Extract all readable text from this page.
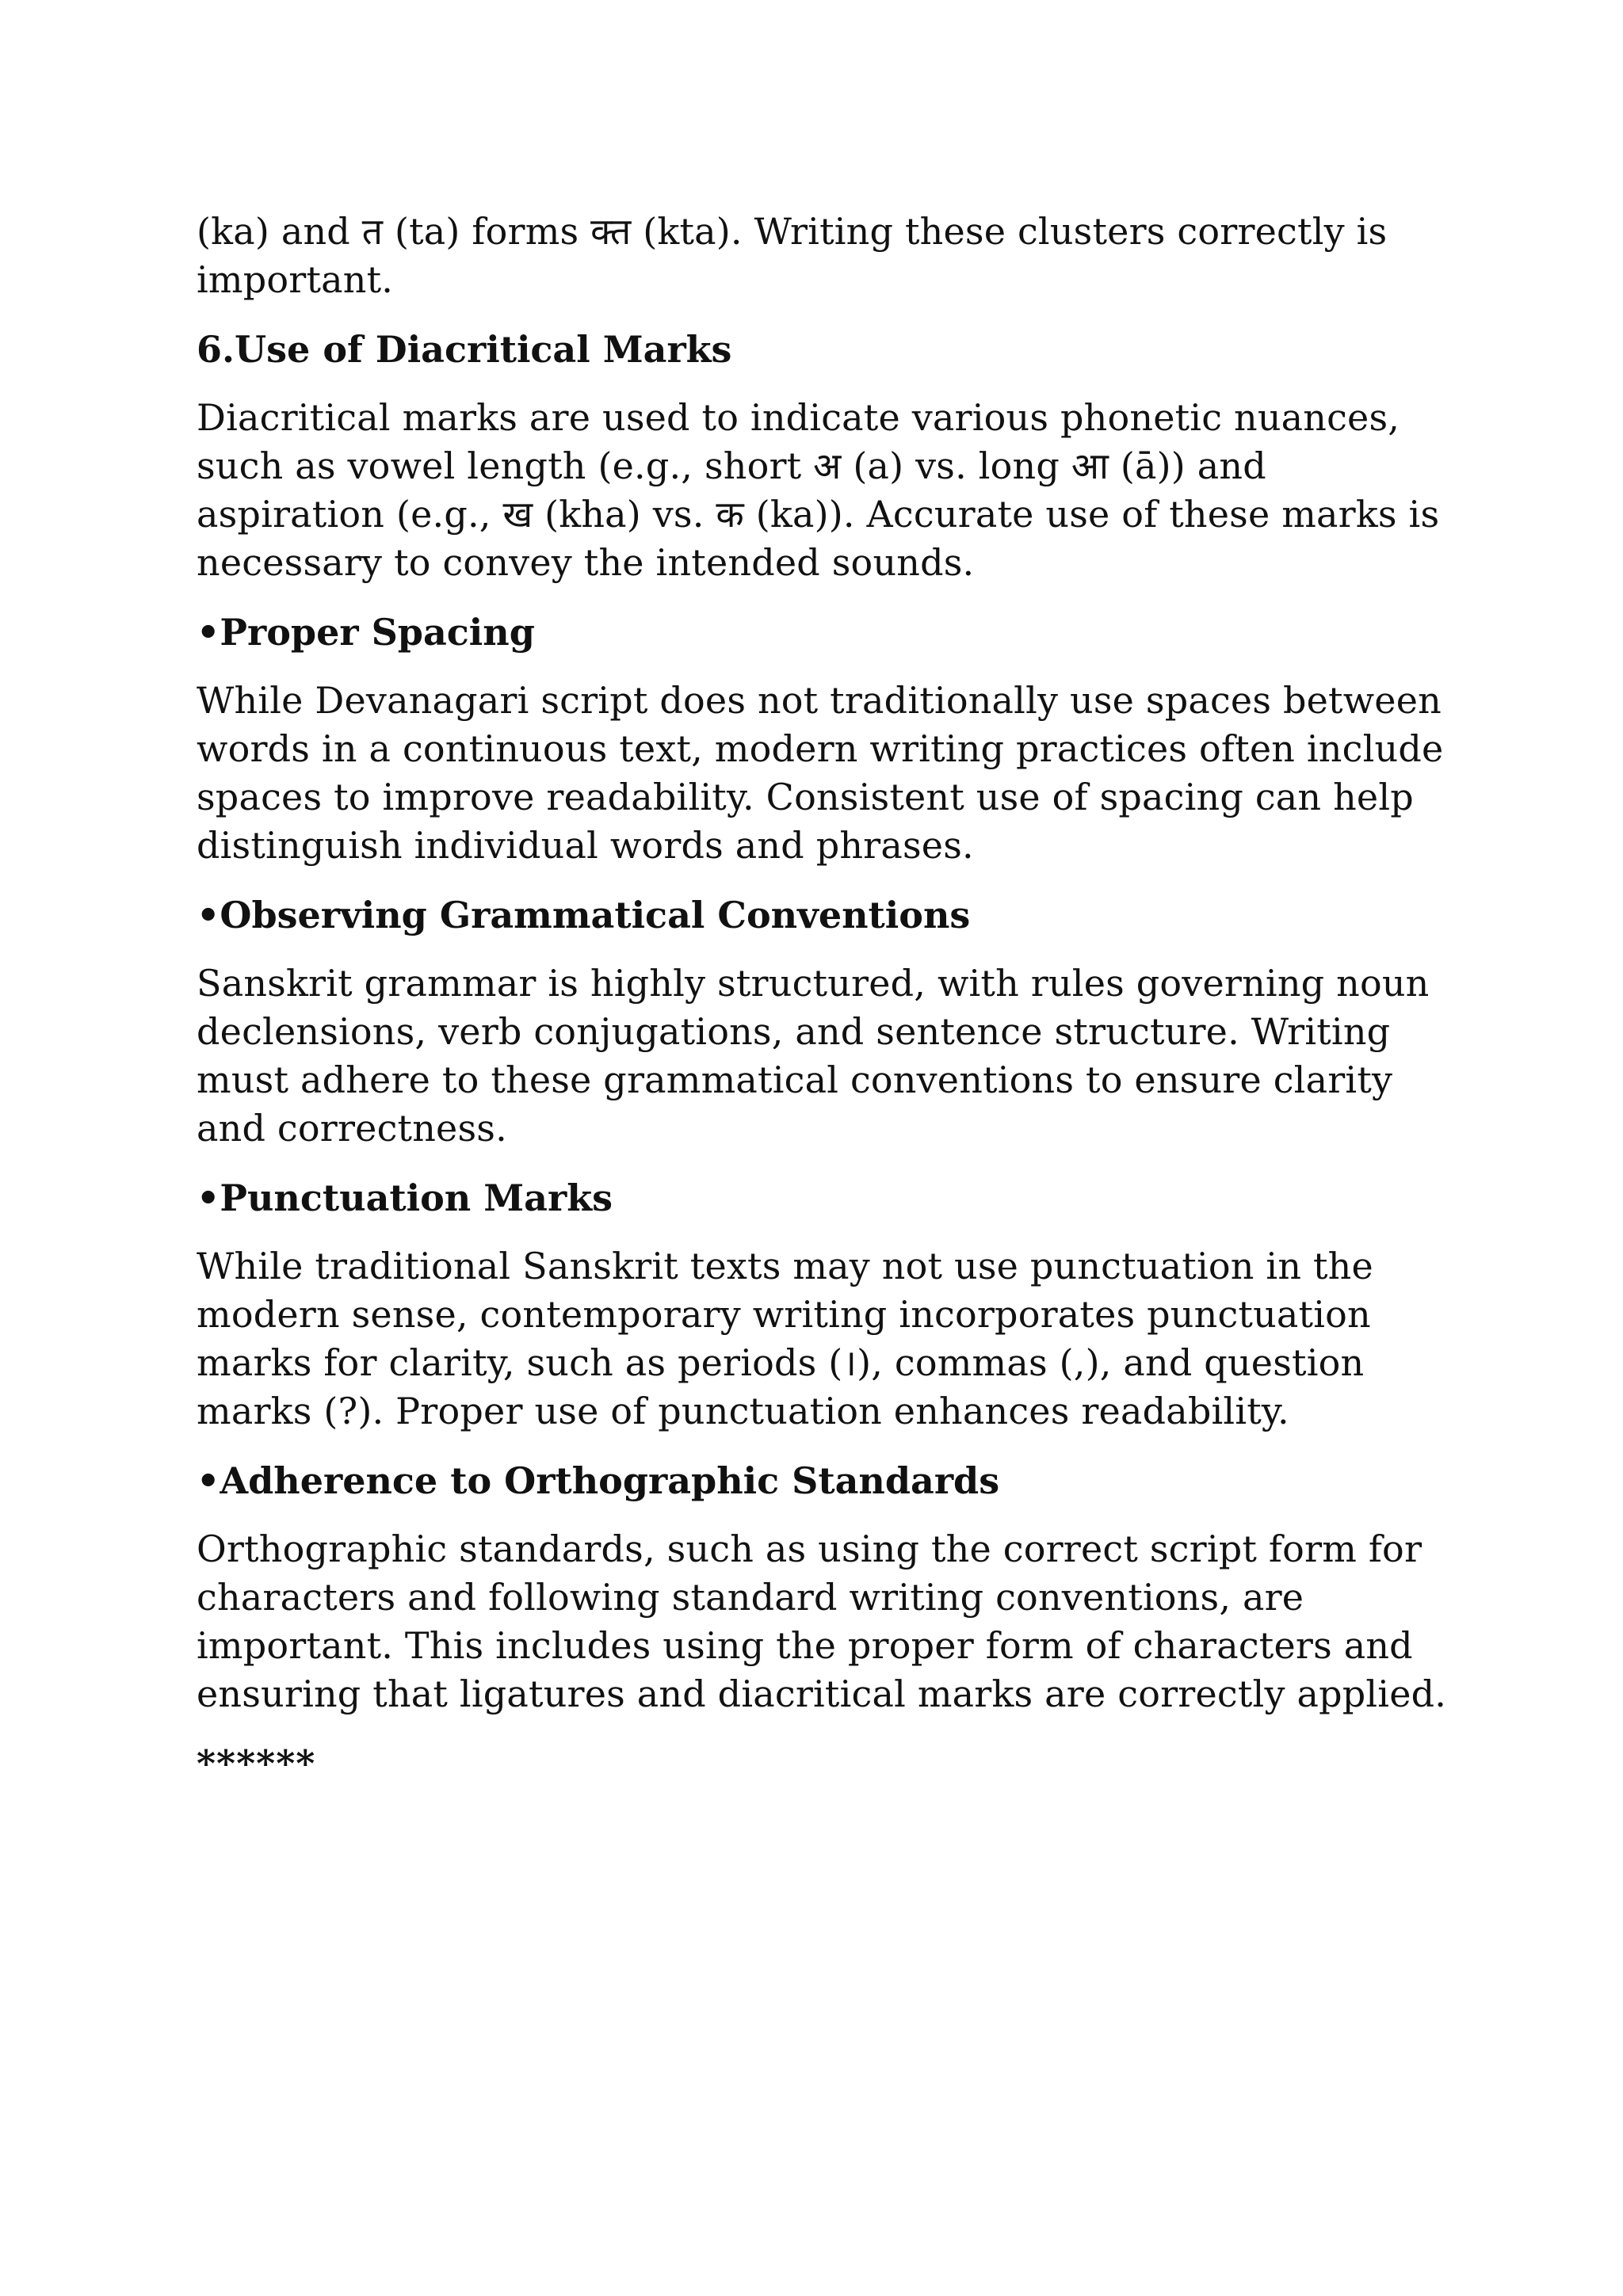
(ka) and त (ta) forms क्त (kta). Writing these clusters correctly is important.

6.Use of Diacritical Marks

Diacritical marks are used to indicate various phonetic nuances, such as vowel length (e.g., short अ (a) vs. long आ (ā)) and aspiration (e.g., ख (kha) vs. क (ka)). Accurate use of these marks is necessary to convey the intended sounds.

•Proper Spacing

While Devanagari script does not traditionally use spaces between words in a continuous text, modern writing practices often include spaces to improve readability. Consistent use of spacing can help distinguish individual words and phrases.

•Observing Grammatical Conventions

Sanskrit grammar is highly structured, with rules governing noun declensions, verb conjugations, and sentence structure. Writing must adhere to these grammatical conventions to ensure clarity and correctness.

•Punctuation Marks

While traditional Sanskrit texts may not use punctuation in the modern sense, contemporary writing incorporates punctuation marks for clarity, such as periods (।), commas (,), and question marks (?). Proper use of punctuation enhances readability.

•Adherence to Orthographic Standards

Orthographic standards, such as using the correct script form for characters and following standard writing conventions, are important. This includes using the proper form of characters and ensuring that ligatures and diacritical marks are correctly applied.

******
